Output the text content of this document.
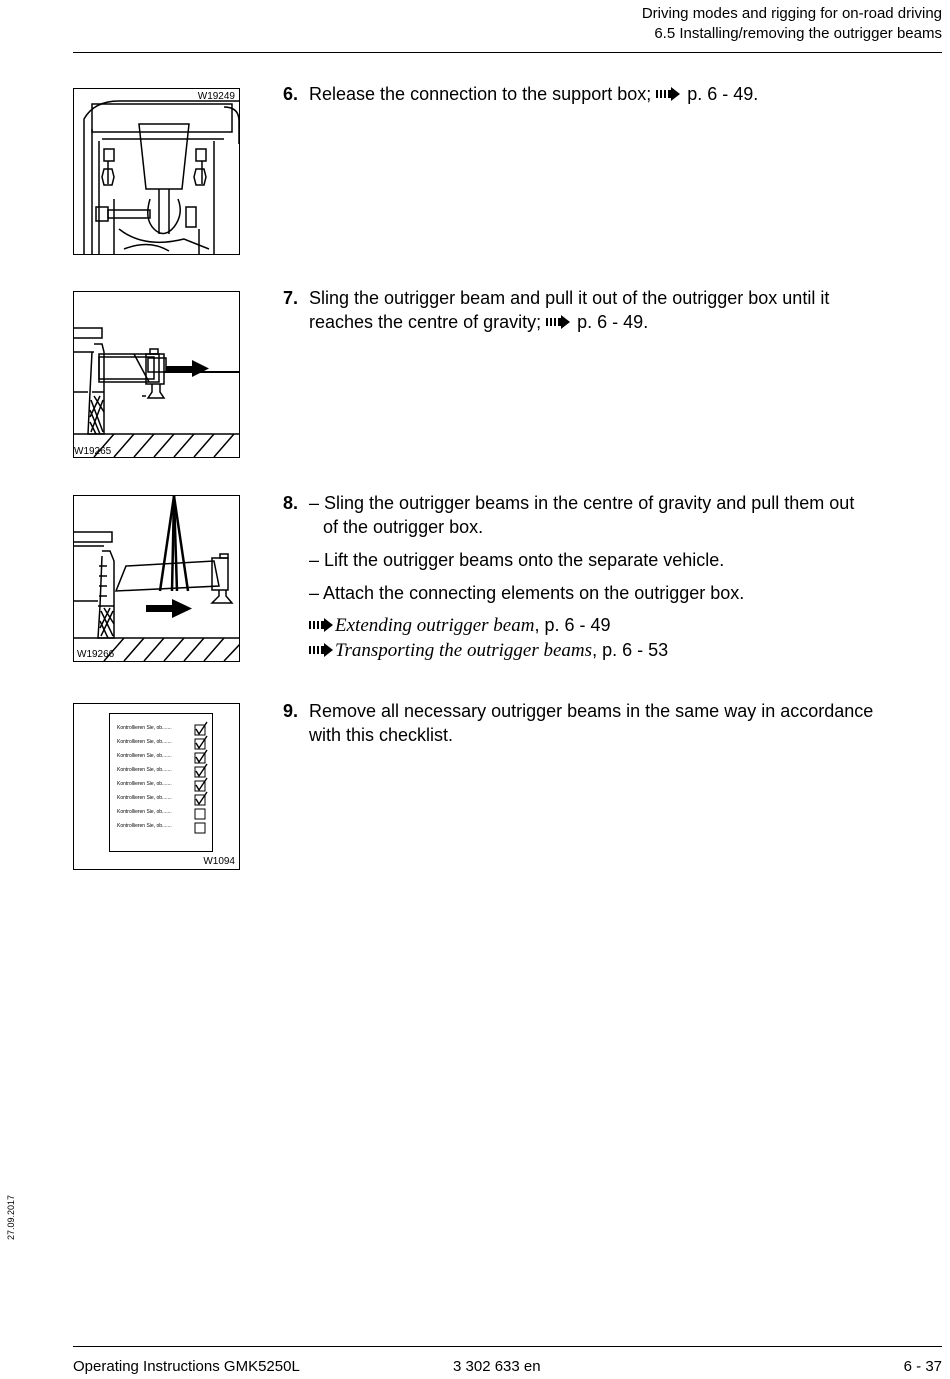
Driving modes and rigging for on-road driving
6.5 Installing/removing the outrigger beams
W19249	6. Release the connection to the support box; p. 6 - 49.
W19265
7. Sling the outrigger beam and pull it out of the outrigger box until it
reaches the centre of gravity; p. 6 - 49.
W19266
8. – Sling the outrigger beams in the centre of gravity and pull them out
of the outrigger box.
– Lift the outrigger beams onto the separate vehicle.
– Attach the connecting elements on the outrigger box.
Extending outrigger beam, p. 6 - 49
Transporting the outrigger beams, p. 6 - 53
Kontrollieren Sie, ob.......
Kontrollieren Sie, ob.......
Kontrollieren Sie, ob.......
Kontrollieren Sie, ob.......
Kontrollieren Sie, ob.......
Kontrollieren Sie, ob.......
Kontrollieren Sie, ob.......
Kontrollieren Sie, ob.......
W1094
9. Remove all necessary outrigger beams in the same way in accordance
with this checklist.
27.09.2017
Operating Instructions GMK5250L	3 302 633 en	6 - 37
